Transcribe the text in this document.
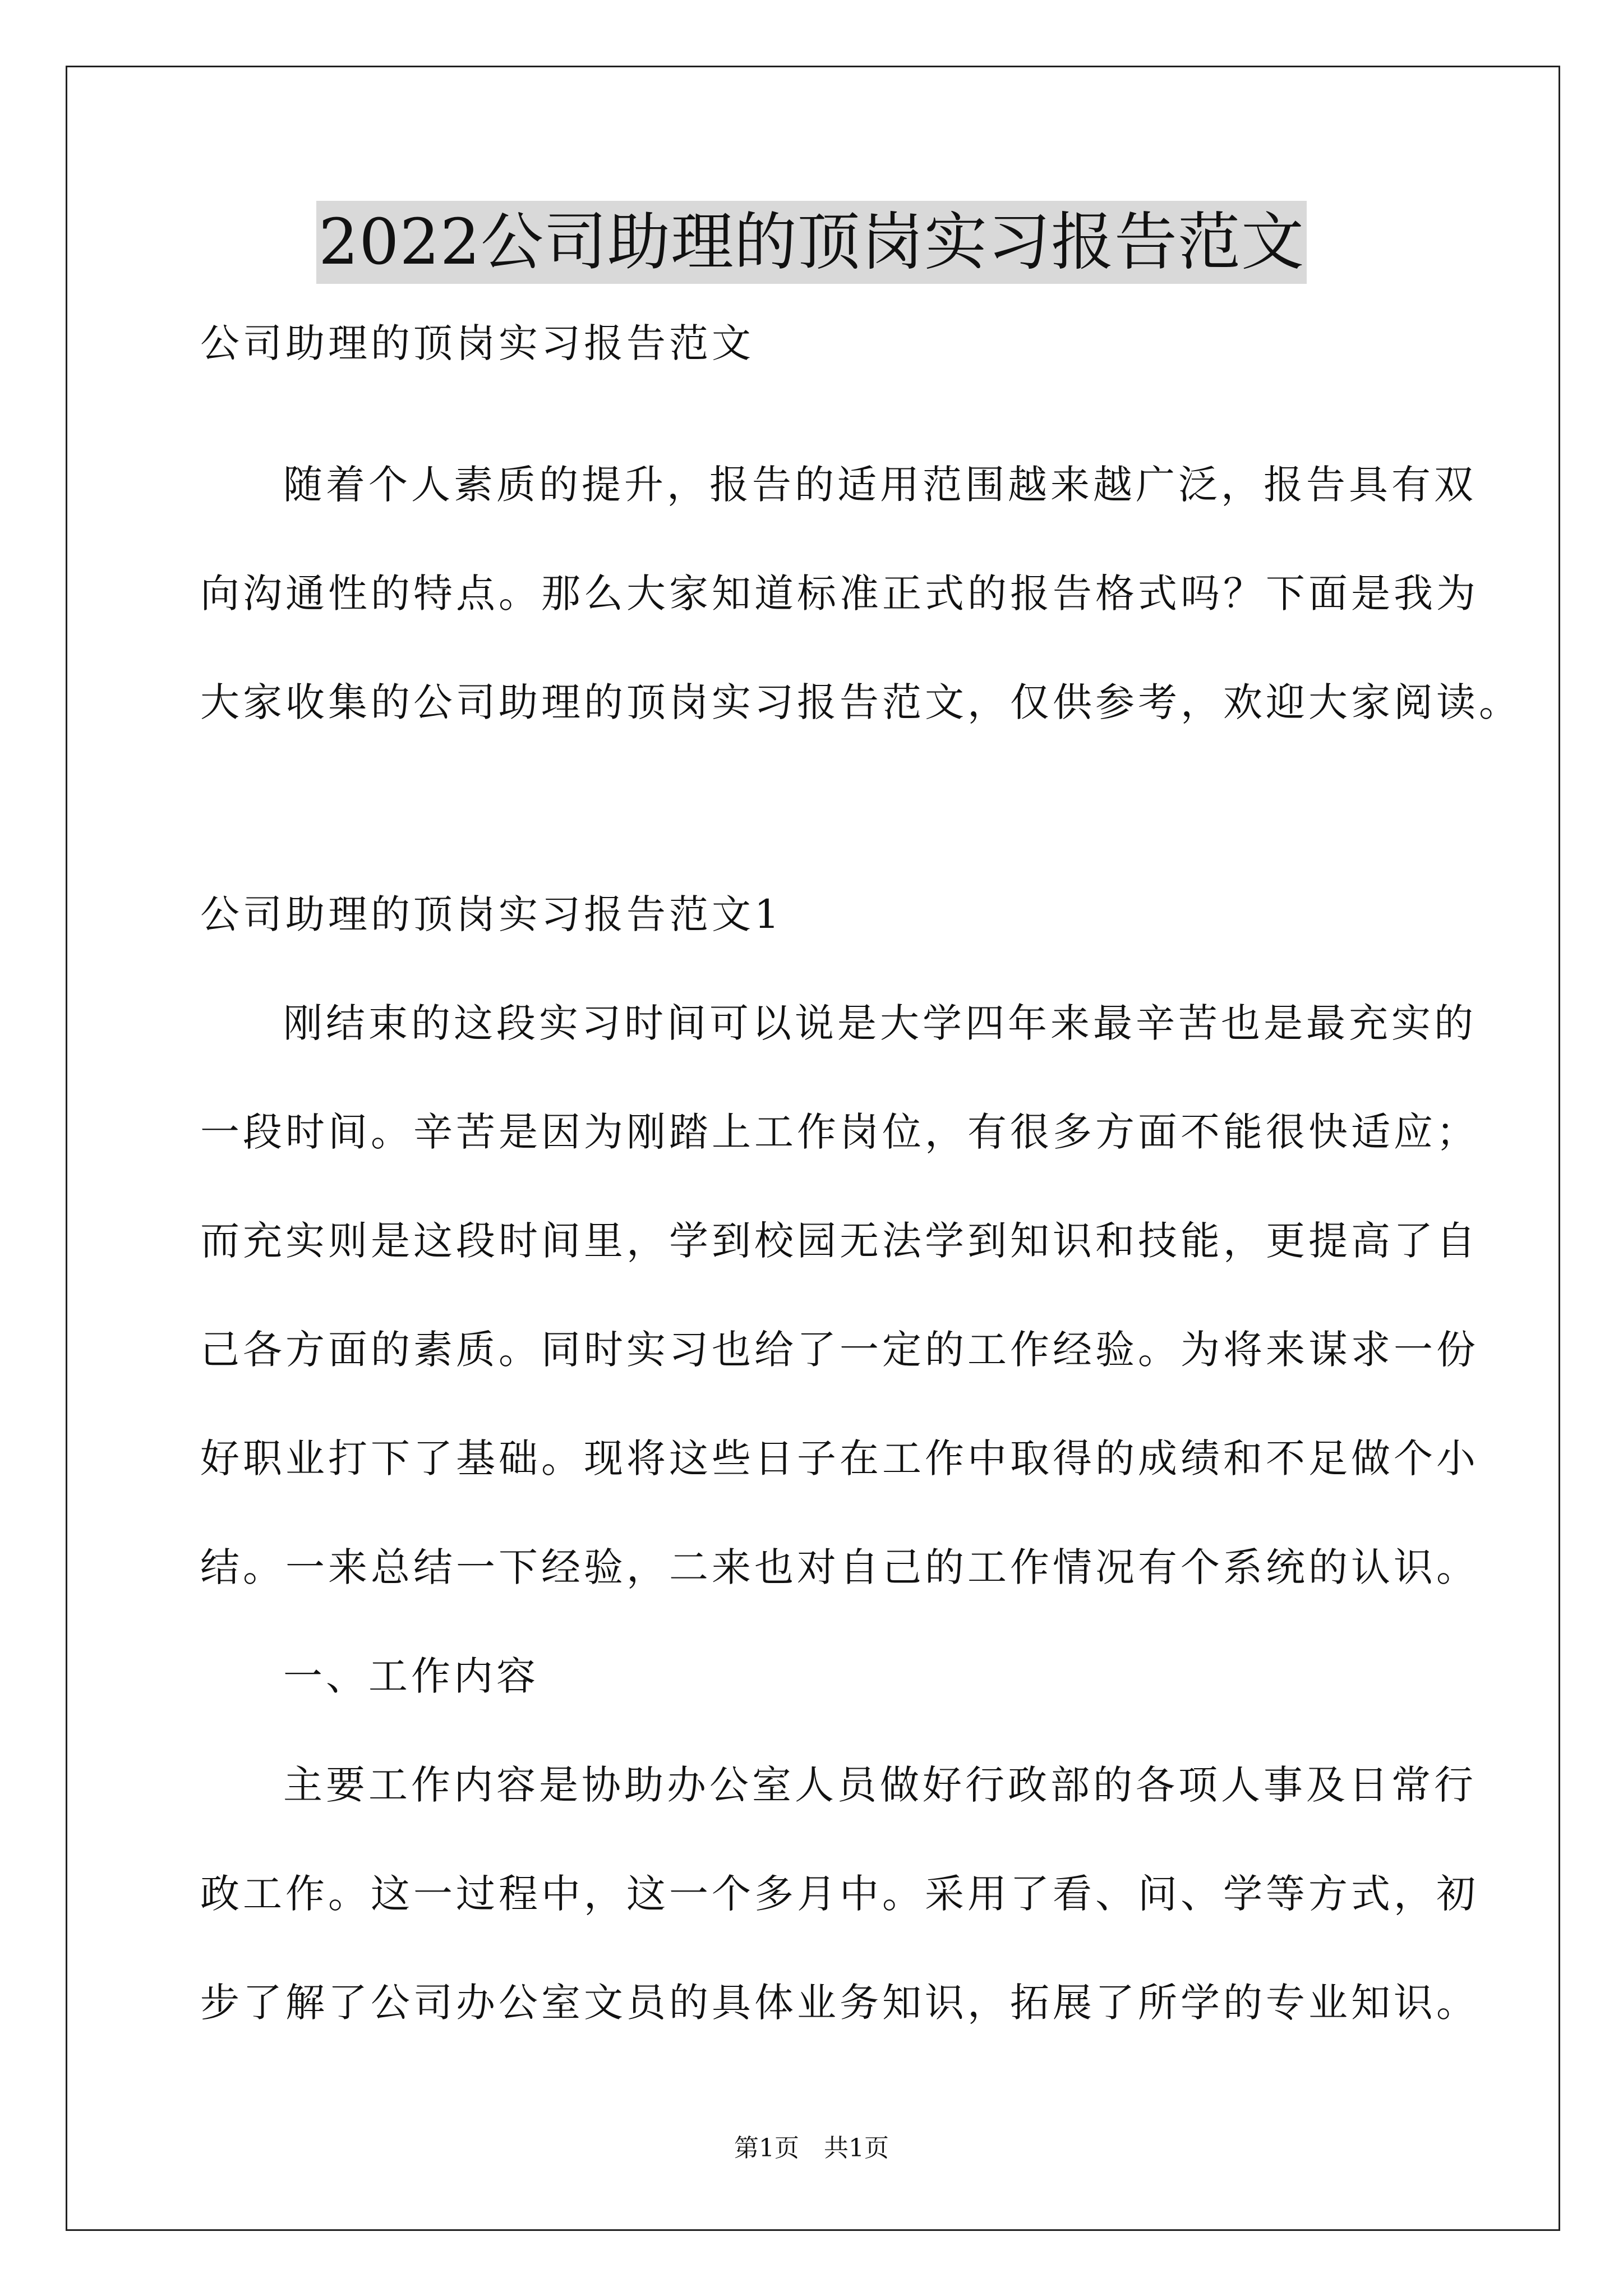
2022公司助理的顶岗实习报告范文
公司助理的顶岗实习报告范文
随着个人素质的提升，报告的适用范围越来越广泛，报告具有双
向沟通性的特点。那么大家知道标准正式的报告格式吗？下面是我为
大家收集的公司助理的顶岗实习报告范文，仅供参考，欢迎大家阅读。
公司助理的顶岗实习报告范文1
刚结束的这段实习时间可以说是大学四年来最辛苦也是最充实的
一段时间。辛苦是因为刚踏上工作岗位，有很多方面不能很快适应；
而充实则是这段时间里，学到校园无法学到知识和技能，更提高了自
己各方面的素质。同时实习也给了一定的工作经验。为将来谋求一份
好职业打下了基础。现将这些日子在工作中取得的成绩和不足做个小
结。一来总结一下经验，二来也对自己的工作情况有个系统的认识。
一、工作内容
主要工作内容是协助办公室人员做好行政部的各项人事及日常行
政工作。这一过程中，这一个多月中。采用了看、问、学等方式，初
步了解了公司办公室文员的具体业务知识，拓展了所学的专业知识。
第1页 共1页
